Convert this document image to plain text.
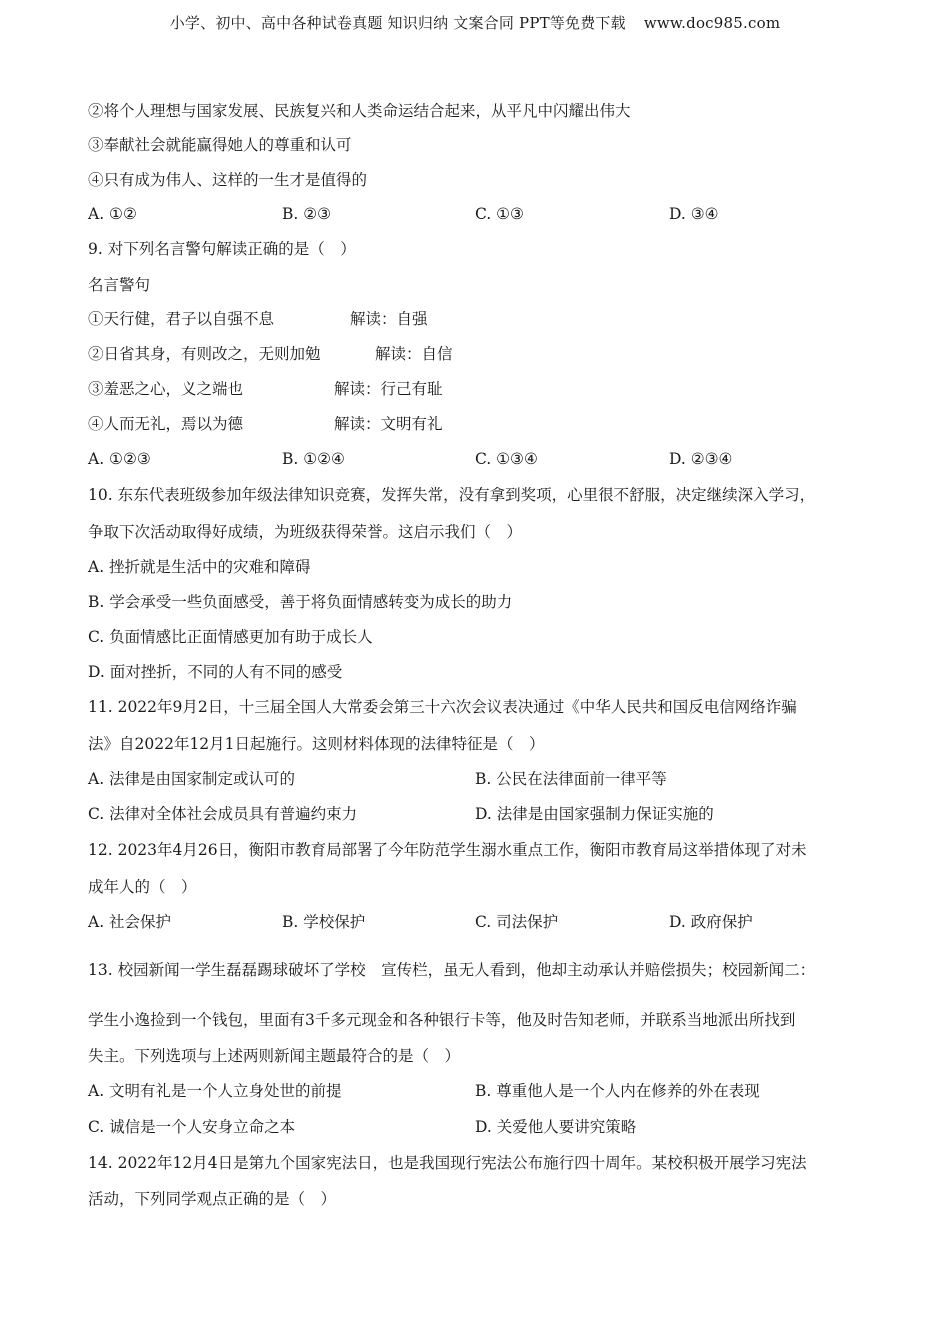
小学、初中、高中各种试卷真题 知识归纳 文案合同 PPT等免费下载 www.doc985.com
②将个人理想与国家发展、民族复兴和人类命运结合起来，从平凡中闪耀出伟大
③奉献社会就能赢得她人的尊重和认可
④只有成为伟人、这样的一生才是值得的
A. ①②	B. ②③	C. ①③	D. ③④
9. 对下列名言警句解读正确的是（　）
名言警句
①天行健，君子以自强不息	解读：自强
②日省其身，有则改之，无则加勉	解读：自信
③羞恶之心，义之端也	解读：行己有耻
④人而无礼，焉以为德	解读：文明有礼
A. ①②③	B. ①②④	C. ①③④	D. ②③④
10. 东东代表班级参加年级法律知识竞赛，发挥失常，没有拿到奖项，心里很不舒服，决定继续深入学习，
争取下次活动取得好成绩，为班级获得荣誉。这启示我们（　）
A. 挫折就是生活中的灾难和障碍
B. 学会承受一些负面感受，善于将负面情感转变为成长的助力
C. 负面情感比正面情感更加有助于成长人
D. 面对挫折，不同的人有不同的感受
11. 2022年9月2日，十三届全国人大常委会第三十六次会议表决通过《中华人民共和国反电信网络诈骗
法》自2022年12月1日起施行。这则材料体现的法律特征是（　）
A. 法律是由国家制定或认可的	B. 公民在法律面前一律平等
C. 法律对全体社会成员具有普遍约束力	D. 法律是由国家强制力保证实施的
12. 2023年4月26日，衡阳市教育局部署了今年防范学生溺水重点工作，衡阳市教育局这举措体现了对未
成年人的（　）
A. 社会保护	B. 学校保护	C. 司法保护	D. 政府保护
13. 校园新闻一学生磊磊踢球破坏了学校　宣传栏，虽无人看到，他却主动承认并赔偿损失；校园新闻二：
学生小逸捡到一个钱包，里面有3千多元现金和各种银行卡等，他及时告知老师，并联系当地派出所找到
失主。下列选项与上述两则新闻主题最符合的是（　）
A. 文明有礼是一个人立身处世的前提	B. 尊重他人是一个人内在修养的外在表现
C. 诚信是一个人安身立命之本	D. 关爱他人要讲究策略
14. 2022年12月4日是第九个国家宪法日，也是我国现行宪法公布施行四十周年。某校积极开展学习宪法
活动，下列同学观点正确的是（　）
